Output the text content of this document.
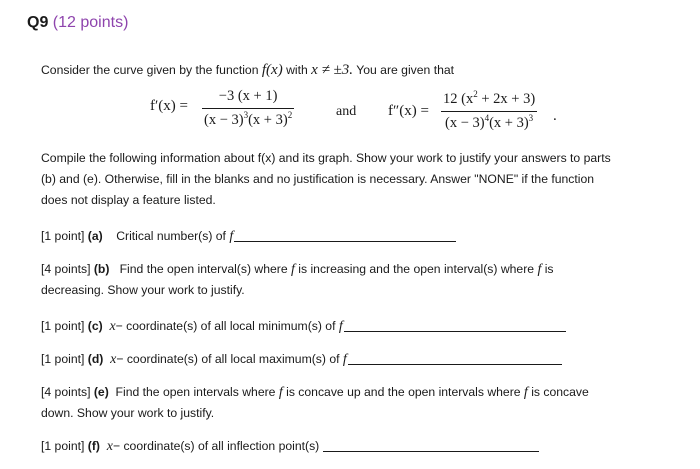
Q9 (12 points)
Consider the curve given by the function f(x) with x ≠ ±3. You are given that
$f'(x) = \frac{-3 (x + 1)}{(x - 3)^3(x + 3)^2}$	and $f''(x) = \frac{12 (x^2 + 2x + 3)}{(x - 3)^4(x + 3)^3}$ .
Compile the following information about f(x) and its graph. Show your work to justify your answers to parts
(b) and (e). Otherwise, fill in the blanks and no justification is necessary. Answer "NONE" if the function
does not display a feature listed.
[1 point] (a) Critical number(s) of f
[4 points] (b) Find the open interval(s) where f is increasing and the open interval(s) where f is
decreasing. Show your work to justify.
[1 point] (c) x− coordinate(s) of all local minimum(s) of f
[1 point] (d) x− coordinate(s) of all local maximum(s) of f
[4 points] (e) Find the open intervals where f is concave up and the open intervals where f is concave
down. Show your work to justify.
[1 point] (f) x− coordinate(s) of all inflection point(s)
